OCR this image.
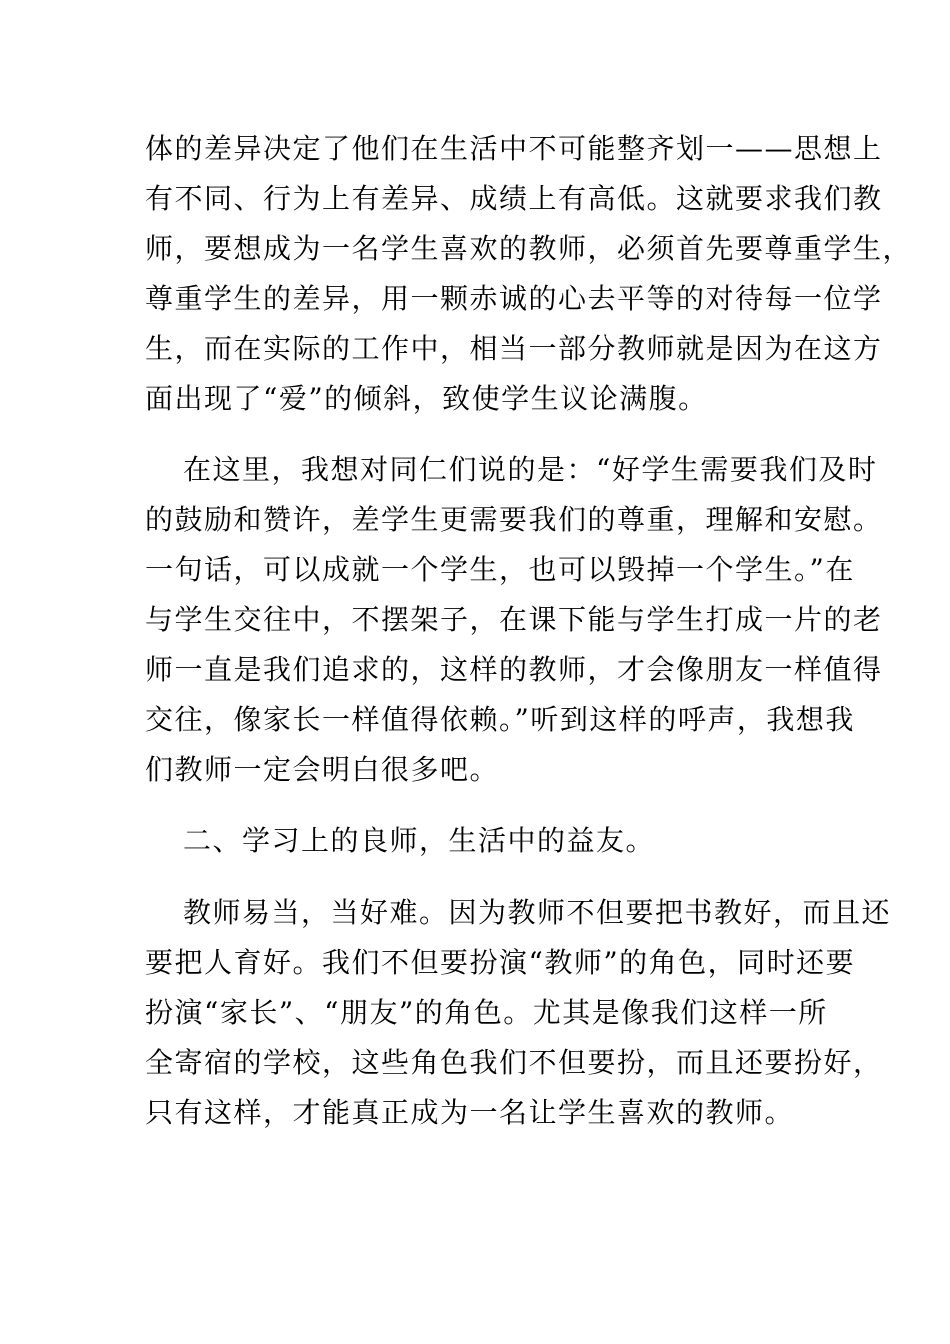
体的差异决定了他们在生活中不可能整齐划一——思想上
有不同、行为上有差异、成绩上有高低。这就要求我们教
师，要想成为一名学生喜欢的教师，必须首先要尊重学生，
尊重学生的差异，用一颗赤诚的心去平等的对待每一位学
生，而在实际的工作中，相当一部分教师就是因为在这方
面出现了“爱”的倾斜，致使学生议论满腹。
在这里，我想对同仁们说的是：“好学生需要我们及时
的鼓励和赞许，差学生更需要我们的尊重，理解和安慰。
一句话，可以成就一个学生，也可以毁掉一个学生。”在
与学生交往中，不摆架子，在课下能与学生打成一片的老
师一直是我们追求的，这样的教师，才会像朋友一样值得
交往，像家长一样值得依赖。”听到这样的呼声，我想我
们教师一定会明白很多吧。
二、学习上的良师，生活中的益友。
教师易当，当好难。因为教师不但要把书教好，而且还
要把人育好。我们不但要扮演“教师”的角色，同时还要
扮演“家长”、“朋友”的角色。尤其是像我们这样一所
全寄宿的学校，这些角色我们不但要扮，而且还要扮好，
只有这样，才能真正成为一名让学生喜欢的教师。
